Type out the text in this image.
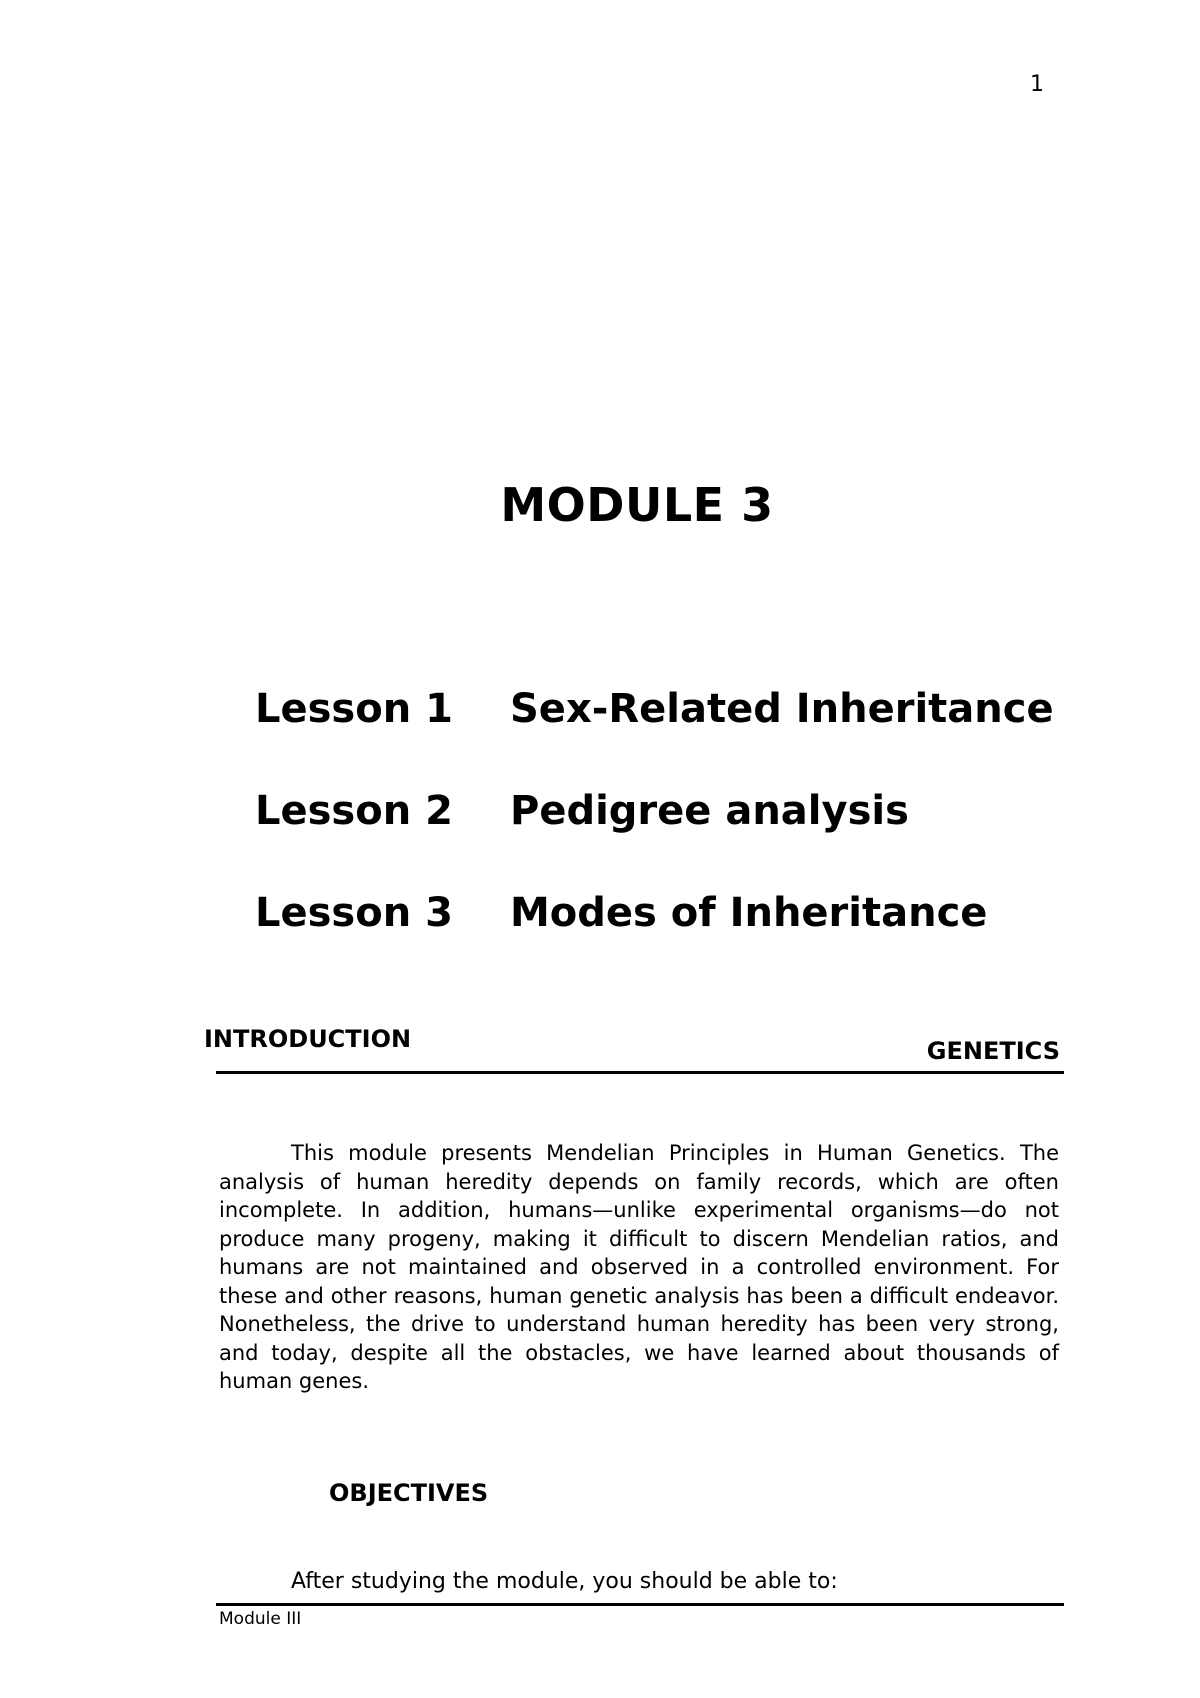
1
MODULE 3
Lesson 1 Sex-Related Inheritance
Lesson 2 Pedigree analysis
Lesson 3 Modes of Inheritance
INTRODUCTION	GENETICS

This module presents Mendelian Principles in Human Genetics. The analysis of human heredity depends on family records, which are often incomplete. In addition, humans—unlike experimental organisms—do not produce many progeny, making it difficult to discern Mendelian ratios, and humans are not maintained and observed in a controlled environment. For these and other reasons, human genetic analysis has been a difficult endeavor. Nonetheless, the drive to understand human heredity has been very strong, and today, despite all the obstacles, we have learned about thousands of human genes.

OBJECTIVES
After studying the module, you should be able to:
Module III
